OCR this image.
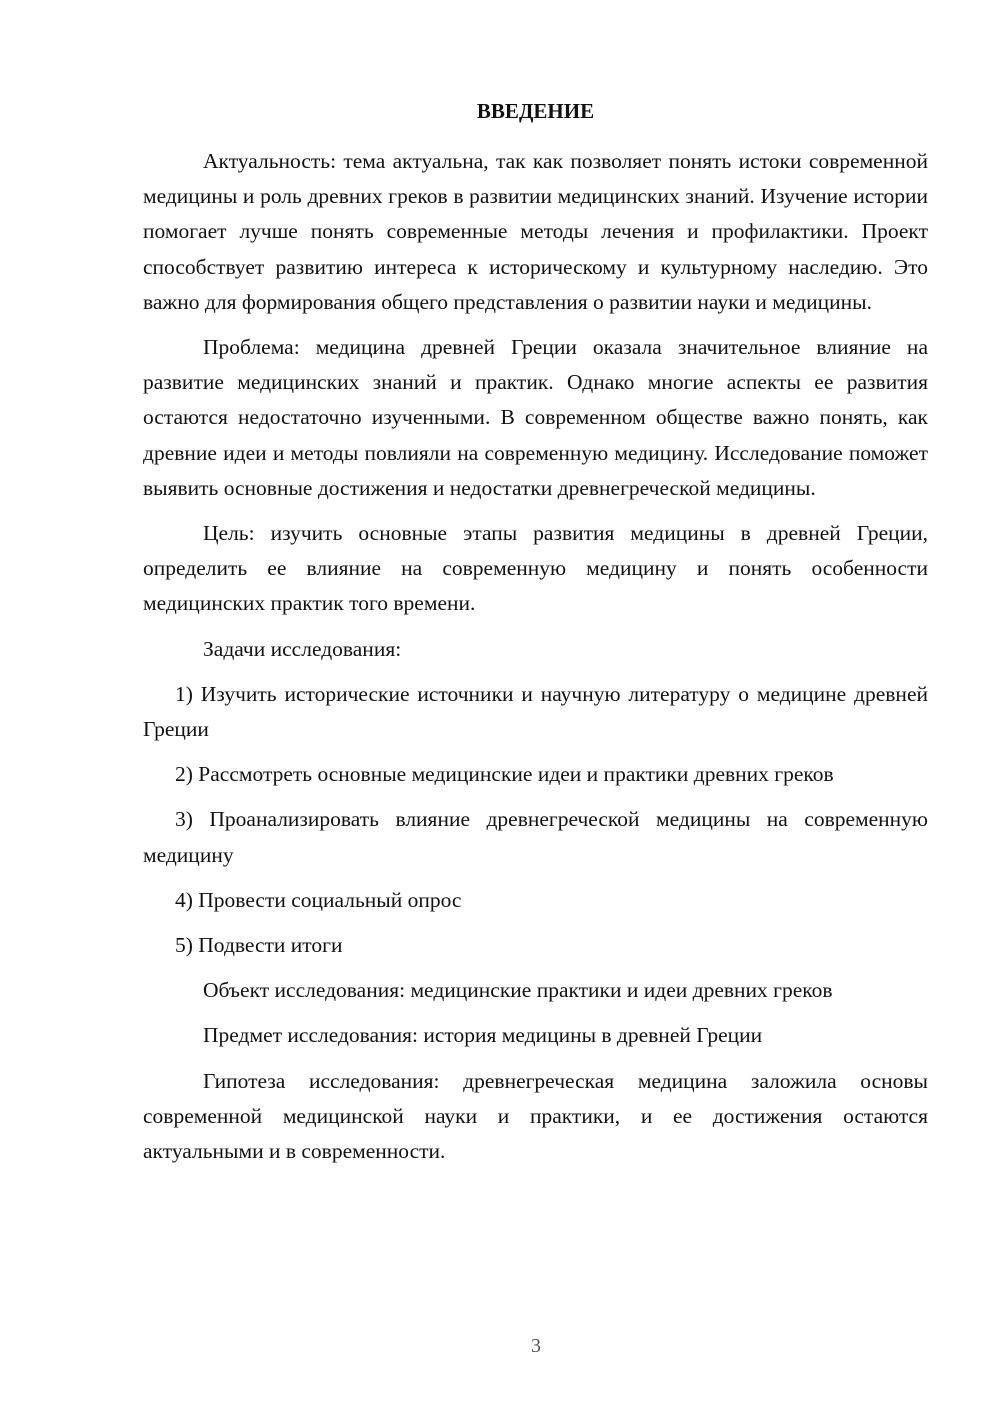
ВВЕДЕНИЕ

Актуальность: тема актуальна, так как позволяет понять истоки современной медицины и роль древних греков в развитии медицинских знаний. Изучение истории помогает лучше понять современные методы лечения и профилактики. Проект способствует развитию интереса к историческому и культурному наследию. Это важно для формирования общего представления о развитии науки и медицины.

Проблема: медицина древней Греции оказала значительное влияние на развитие медицинских знаний и практик. Однако многие аспекты ее развития остаются недостаточно изученными. В современном обществе важно понять, как древние идеи и методы повлияли на современную медицину. Исследование поможет выявить основные достижения и недостатки древнегреческой медицины.

Цель: изучить основные этапы развития медицины в древней Греции, определить ее влияние на современную медицину и понять особенности медицинских практик того времени.

Задачи исследования:

1) Изучить исторические источники и научную литературу о медицине древней Греции

2) Рассмотреть основные медицинские идеи и практики древних греков

3) Проанализировать влияние древнегреческой медицины на современную медицину

4) Провести социальный опрос

5) Подвести итоги

Объект исследования: медицинские практики и идеи древних греков

Предмет исследования: история медицины в древней Греции

Гипотеза исследования: древнегреческая медицина заложила основы современной медицинской науки и практики, и ее достижения остаются актуальными и в современности.

3
